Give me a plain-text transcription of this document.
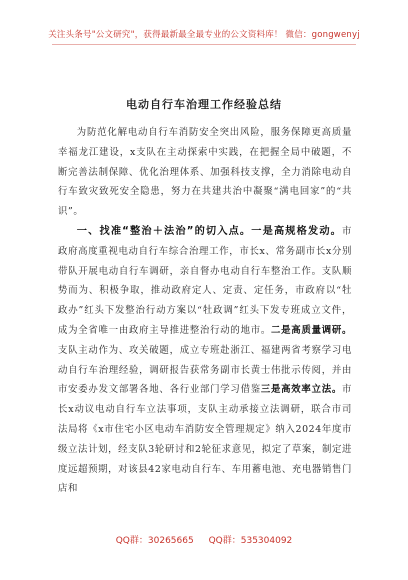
关注头条号"公文研究"，获得最新最全最专业的公文资料库！ 微信：gongwenyj
电动自行车治理工作经验总结

为防范化解电动自行车消防安全突出风险，服务保障更高质量幸福龙江建设，x支队在主动探索中实践，在把握全局中破题，不断完善法制保障、优化治理体系、加强科技支撑，全力消除电动自行车致灾致死安全隐患，努力在共建共治中凝聚“满电回家”的“共识”。

一、找准“整治＋法治”的切入点。一是高规格发动。市政府高度重视电动自行车综合治理工作，市长x、常务副市长x分别带队开展电动自行车调研，亲自督办电动自行车整治工作。支队顺势而为、积极争取，推动政府定人、定责、定任务，市政府以“牡政办”红头下发整治行动方案以“牡政调”红头下发专班成立文件，成为全省唯一由政府主导推进整治行动的地市。二是高质量调研。支队主动作为、攻关破题，成立专班赴浙江、福建两省考察学习电动自行车治理经验，调研报告获常务副市长黄士伟批示传阅，并由市安委办发文部署各地、各行业部门学习借鉴三是高效率立法。市长x动议电动自行车立法事项，支队主动承接立法调研，联合市司法局将《x市住宅小区电动车消防安全管理规定》纳入2024年度市级立法计划，经支队3轮研讨和2轮征求意见，拟定了草案，制定进度远超预期，对该县42家电动自行车、车用蓄电池、充电器销售门店和

QQ群：30265665 QQ群：535304092
